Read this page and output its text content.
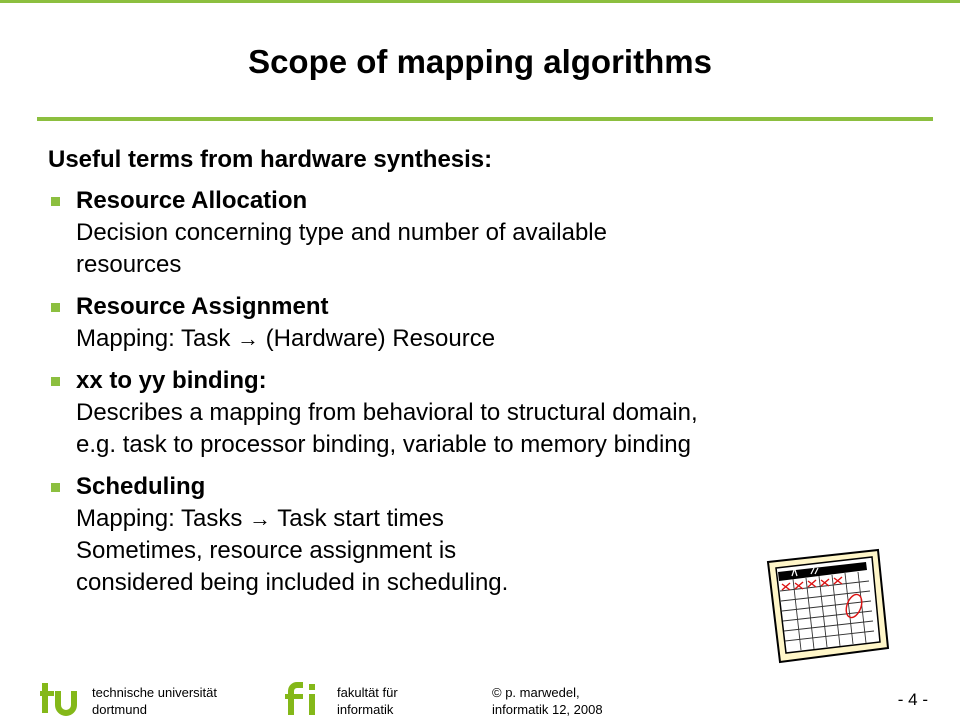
Scope of mapping algorithms
Useful terms from hardware synthesis:
Resource Allocation
Decision concerning type and number of available
resources
Resource Assignment
Mapping: Task → (Hardware) Resource
xx to yy binding:
Describes a mapping from behavioral to structural domain,
e.g. task to processor binding, variable to memory binding
Scheduling
Mapping: Tasks → Task start times
Sometimes, resource assignment is
considered being included in scheduling.
technische universität
dortmund
fakultät für
informatik
© p. marwedel,
informatik 12, 2008
- 4 -
